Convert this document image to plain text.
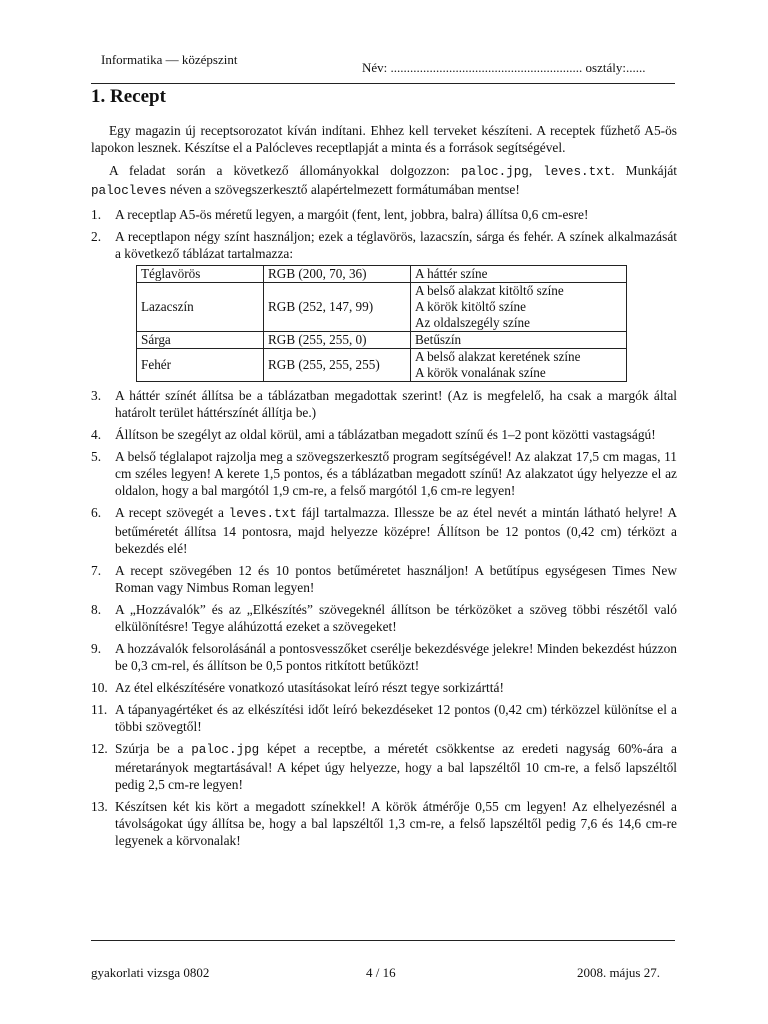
Informatika — középszint
Név: ........................................................... osztály:......
1. Recept

Egy magazin új receptsorozatot kíván indítani. Ehhez kell terveket készíteni. A receptek fűzhető A5-ös lapokon lesznek. Készítse el a Palócleves receptlapját a minta és a források segítségével.

A feladat során a következő állományokkal dolgozzon: paloc.jpg, leves.txt. Munkáját palocleves néven a szövegszerkesztő alapértelmezett formátumában mentse!

1. A receptlap A5-ös méretű legyen, a margóit (fent, lent, jobbra, balra) állítsa 0,6 cm-esre!
2. A receptlapon négy színt használjon; ezek a téglavörös, lazacszín, sárga és fehér. A színek alkalmazását a következő táblázat tartalmazza:
Téglavörös	RGB (200, 70, 36)	A háttér színe

Lazacszín	RGB (252, 147, 99)	A belső alakzat kitöltő színe
A körök kitöltő színe
Az oldalszegély színe

Sárga	RGB (255, 255, 0)	Betűszín

Fehér	RGB (255, 255, 255)	A belső alakzat keretének színe
A körök vonalának színe
3. A háttér színét állítsa be a táblázatban megadottak szerint! (Az is megfelelő, ha csak a margók által határolt terület háttérszínét állítja be.)
4. Állítson be szegélyt az oldal körül, ami a táblázatban megadott színű és 1–2 pont közötti vastagságú!
5. A belső téglalapot rajzolja meg a szövegszerkesztő program segítségével! Az alakzat 17,5 cm magas, 11 cm széles legyen! A kerete 1,5 pontos, és a táblázatban megadott színű! Az alakzatot úgy helyezze el az oldalon, hogy a bal margótól 1,9 cm-re, a felső margótól 1,6 cm-re legyen!
6. A recept szövegét a leves.txt fájl tartalmazza. Illessze be az étel nevét a mintán látható helyre! A betűméretét állítsa 14 pontosra, majd helyezze középre! Állítson be 12 pontos (0,42 cm) térközt a bekezdés elé!
7. A recept szövegében 12 és 10 pontos betűméretet használjon! A betűtípus egységesen Times New Roman vagy Nimbus Roman legyen!
8. A „Hozzávalók” és az „Elkészítés” szövegeknél állítson be térközöket a szöveg többi részétől való elkülönítésre! Tegye aláhúzottá ezeket a szövegeket!
9. A hozzávalók felsorolásánál a pontosvesszőket cserélje bekezdésvége jelekre! Minden bekezdést húzzon be 0,3 cm-rel, és állítson be 0,5 pontos ritkított betűközt!
10. Az étel elkészítésére vonatkozó utasításokat leíró részt tegye sorkizárttá!
11. A tápanyagértéket és az elkészítési időt leíró bekezdéseket 12 pontos (0,42 cm) térközzel különítse el a többi szövegtől!
12. Szúrja be a paloc.jpg képet a receptbe, a méretét csökkentse az eredeti nagyság 60%-ára a méretarányok megtartásával! A képet úgy helyezze, hogy a bal lapszéltől 10 cm-re, a felső lapszéltől pedig 2,5 cm-re legyen!
13. Készítsen két kis kört a megadott színekkel! A körök átmérője 0,55 cm legyen! Az elhelyezésnél a távolságokat úgy állítsa be, hogy a bal lapszéltől 1,3 cm-re, a felső lapszéltől pedig 7,6 és 14,6 cm-re legyenek a körvonalak!
gyakorlati vizsga 0802	4 / 16	2008. május 27.
